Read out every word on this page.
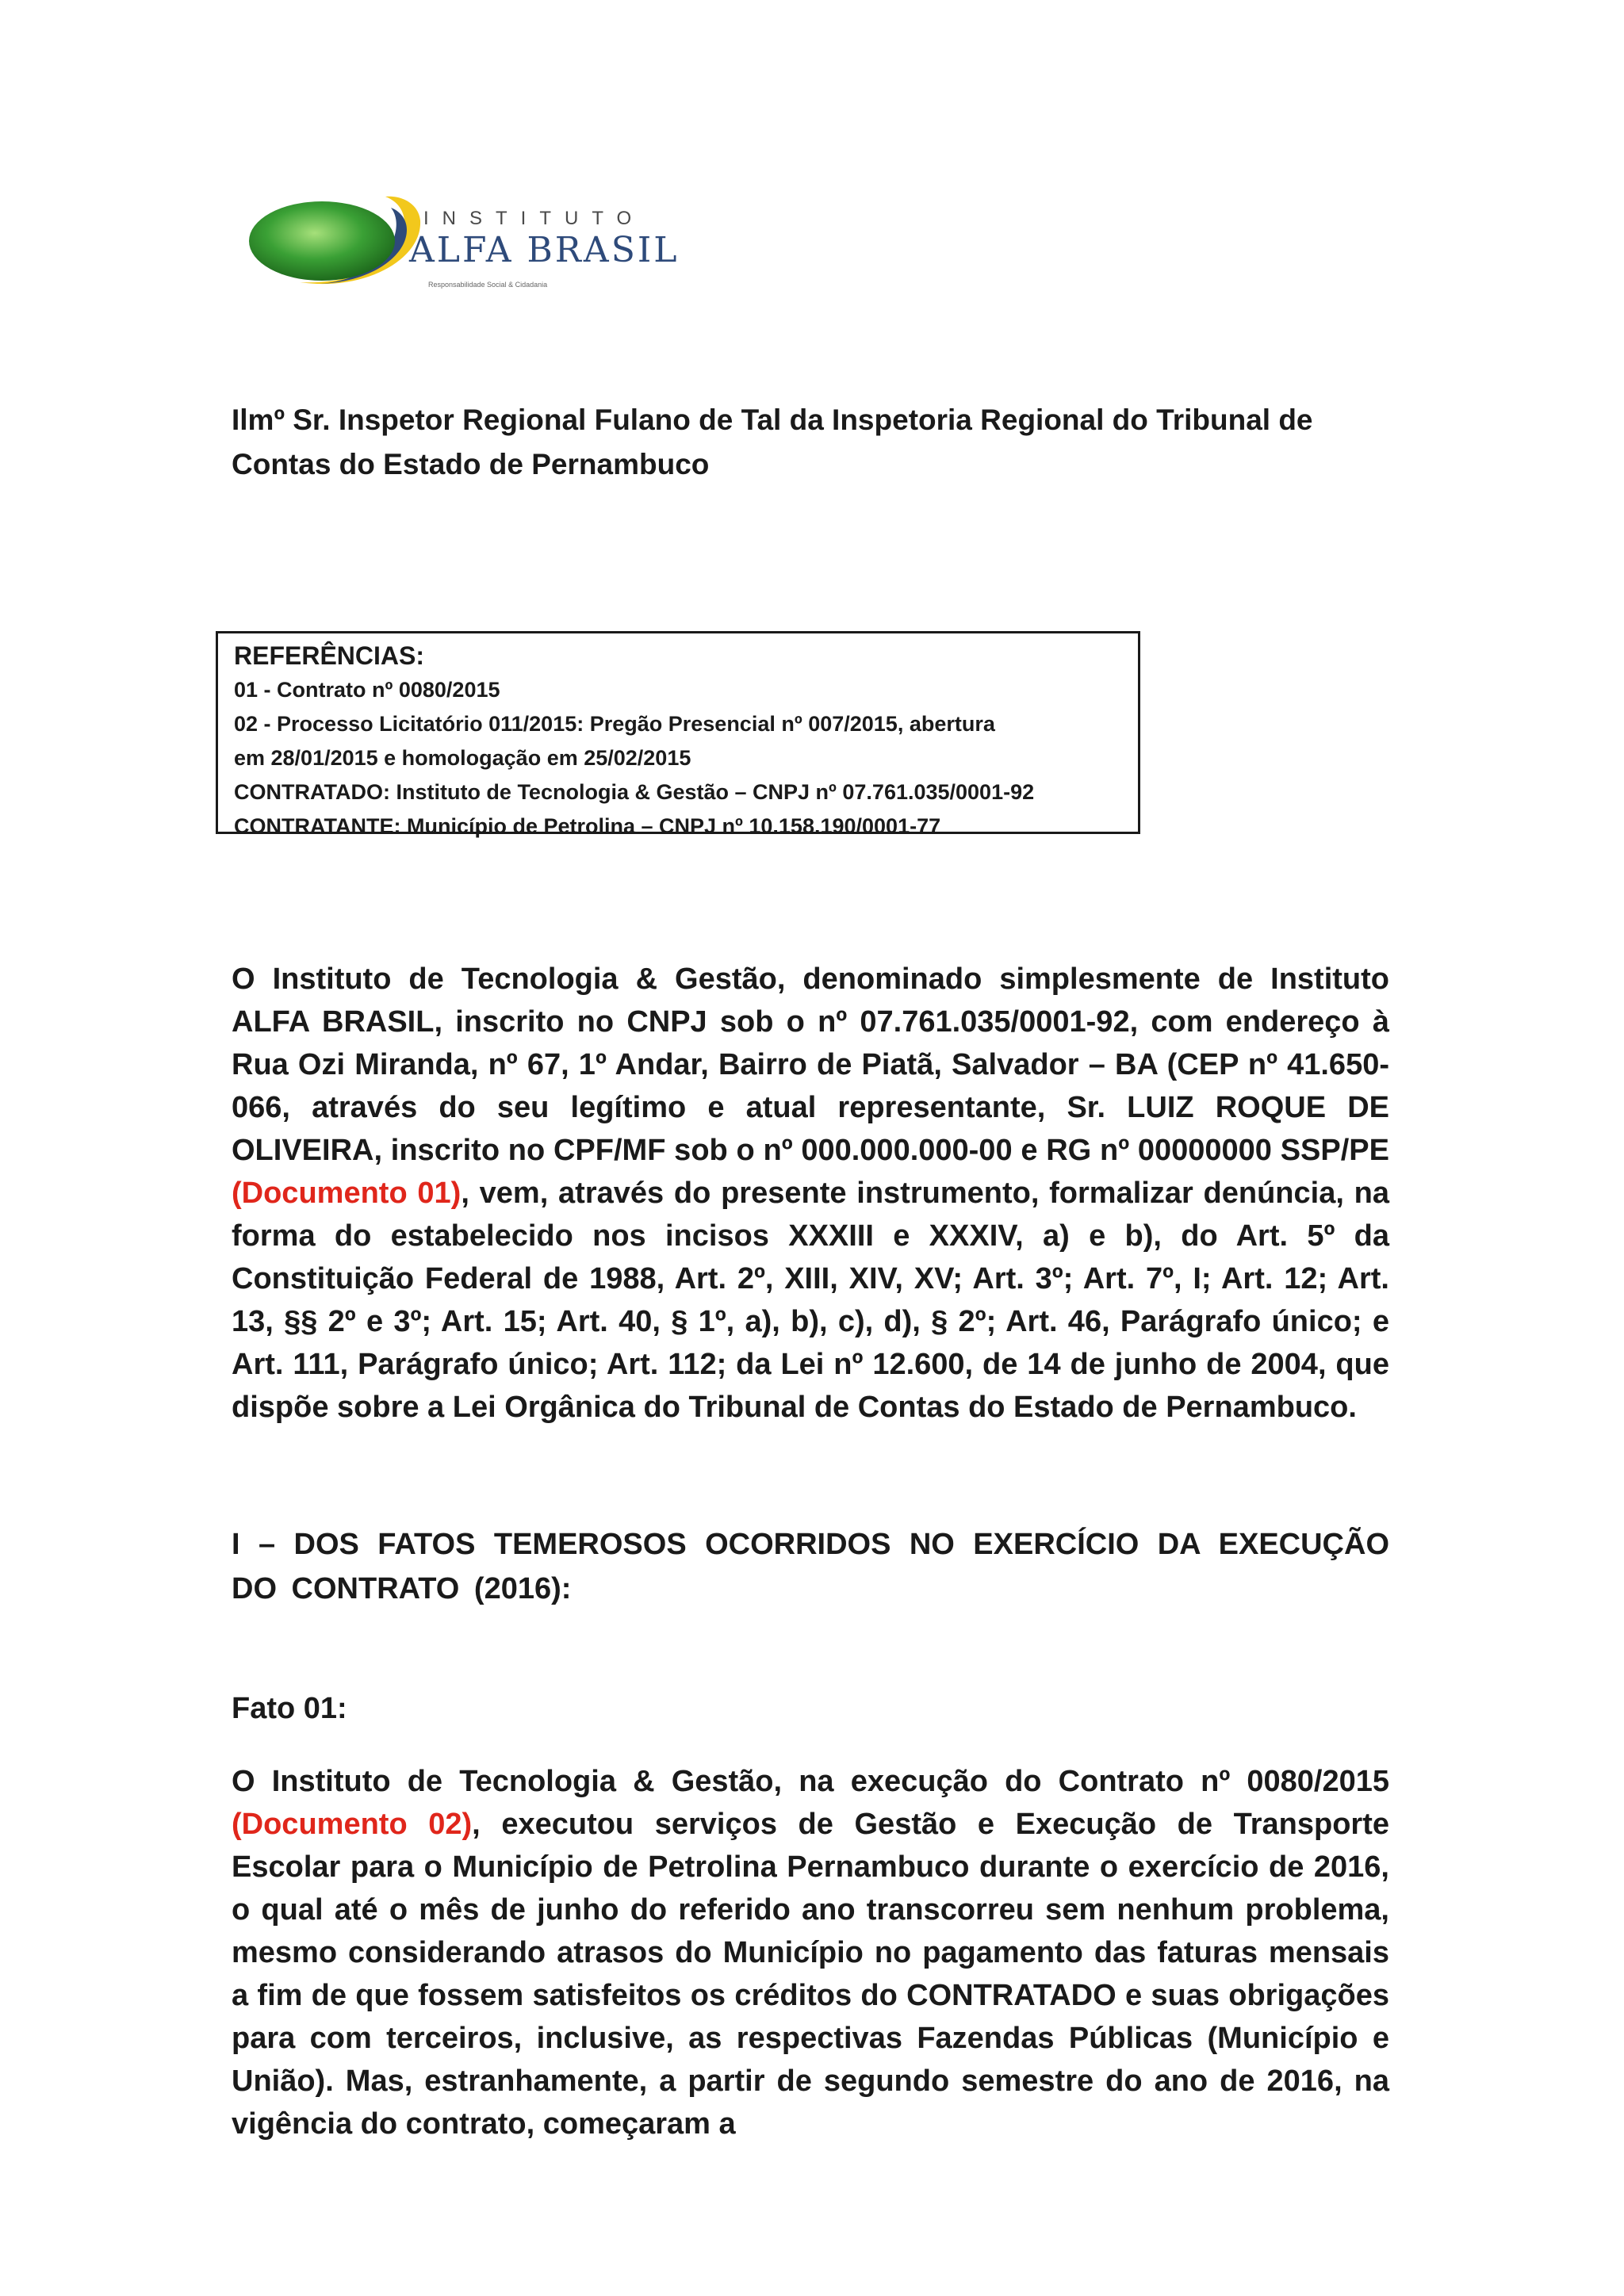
INSTITUTO
ALFA BRASIL
Responsabilidade Social & Cidadania
Ilmº Sr. Inspetor Regional Fulano de Tal da Inspetoria Regional do Tribunal de Contas do Estado de Pernambuco
REFERÊNCIAS:
01 - Contrato nº 0080/2015
02 - Processo Licitatório 011/2015: Pregão Presencial nº 007/2015, abertura
em 28/01/2015 e homologação em 25/02/2015
CONTRATADO: Instituto de Tecnologia & Gestão – CNPJ nº 07.761.035/0001-92
CONTRATANTE: Município de Petrolina – CNPJ nº 10.158.190/0001-77
O Instituto de Tecnologia & Gestão, denominado simplesmente de Instituto ALFA BRASIL, inscrito no CNPJ sob o nº 07.761.035/0001-92, com endereço à Rua Ozi Miranda, nº 67, 1º Andar, Bairro de Piatã, Salvador – BA (CEP nº 41.650-066, através do seu legítimo e atual representante, Sr. LUIZ ROQUE DE OLIVEIRA, inscrito no CPF/MF sob o nº 000.000.000-00 e RG nº 00000000 SSP/PE (Documento 01), vem, através do presente instrumento, formalizar denúncia, na forma do estabelecido nos incisos XXXIII e XXXIV, a) e b), do Art. 5º da Constituição Federal de 1988, Art. 2º, XIII, XIV, XV; Art. 3º; Art. 7º, I; Art. 12; Art. 13, §§ 2º e 3º; Art. 15; Art. 40, § 1º, a), b), c), d), § 2º; Art. 46, Parágrafo único; e Art. 111, Parágrafo único; Art. 112; da Lei nº 12.600, de 14 de junho de 2004, que dispõe sobre a Lei Orgânica do Tribunal de Contas do Estado de Pernambuco.
I – DOS FATOS TEMEROSOS OCORRIDOS NO EXERCÍCIO DA EXECUÇÃO DO CONTRATO (2016):
Fato 01:
O Instituto de Tecnologia & Gestão, na execução do Contrato nº 0080/2015 (Documento 02), executou serviços de Gestão e Execução de Transporte Escolar para o Município de Petrolina Pernambuco durante o exercício de 2016, o qual até o mês de junho do referido ano transcorreu sem nenhum problema, mesmo considerando atrasos do Município no pagamento das faturas mensais a fim de que fossem satisfeitos os créditos do CONTRATADO e suas obrigações para com terceiros, inclusive, as respectivas Fazendas Públicas (Município e União). Mas, estranhamente, a partir de segundo semestre do ano de 2016, na vigência do contrato, começaram a
